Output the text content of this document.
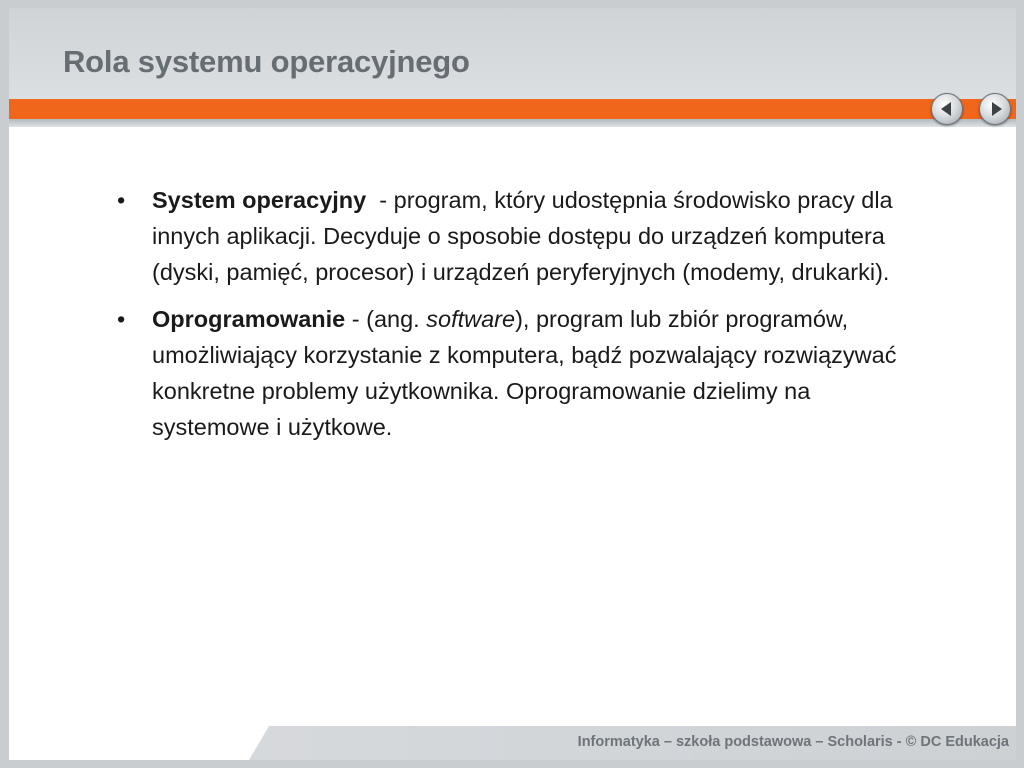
Rola systemu operacyjnego
• System operacyjny  - program, który udostępnia środowisko pracy dla innych aplikacji. Decyduje o sposobie dostępu do urządzeń komputera (dyski, pamięć, procesor) i urządzeń peryferyjnych (modemy, drukarki).
• Oprogramowanie - (ang. software), program lub zbiór programów, umożliwiający korzystanie z komputera, bądź pozwalający rozwiązywać konkretne problemy użytkownika. Oprogramowanie dzielimy na systemowe i użytkowe.
Informatyka – szkoła podstawowa – Scholaris - © DC Edukacja
